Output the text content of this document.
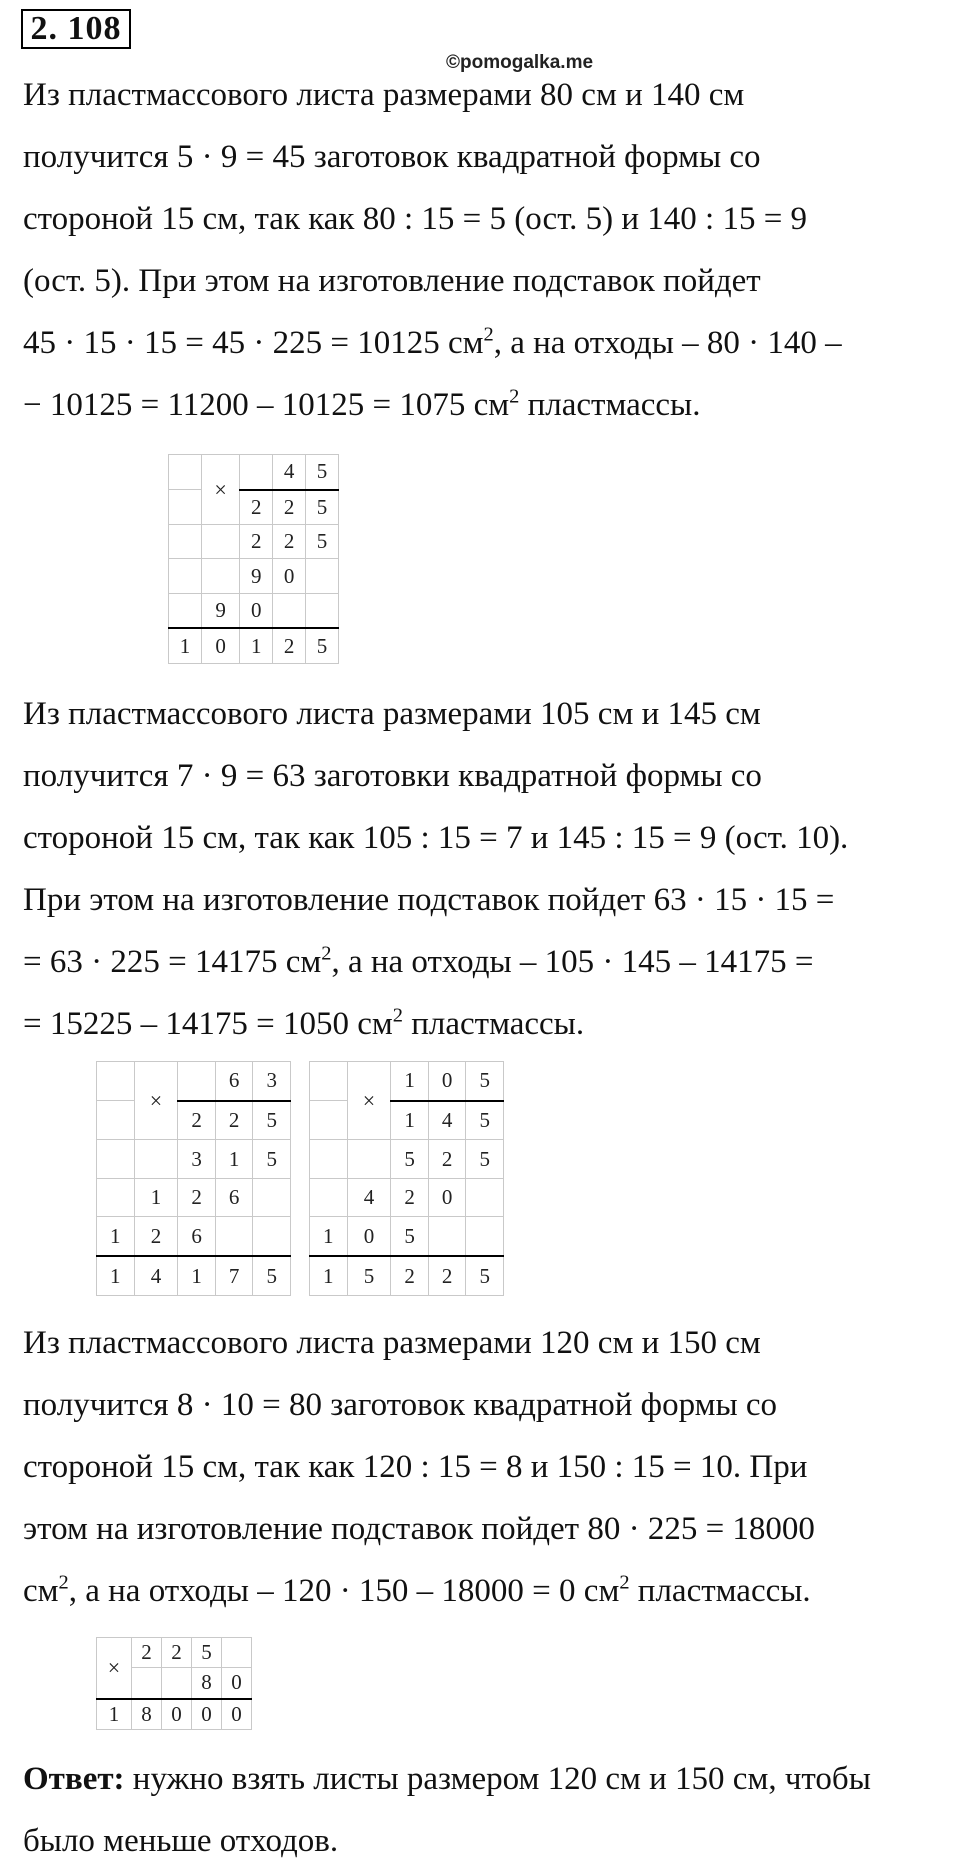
2. 108
©pomogalka.me

Из пластмассового листа размерами 80 см и 140 см
получится 5 · 9 = 45 заготовок квадратной формы со
стороной 15 см, так как 80 : 15 = 5 (ост. 5) и 140 : 15 = 9
(ост. 5). При этом на изготовление подставок пойдет
45 · 15 · 15 = 45 · 225 = 10125 $см^2$, а на отходы – 80 · 140 –
− 10125 = 11200 – 10125 = 1075 $см^2$ пластмассы.

	×		4	5
		2	2	5
		2	2	5
		9	0	
	9	0		
1	0	1	2	5

Из пластмассового листа размерами 105 см и 145 см
получится 7 · 9 = 63 заготовки квадратной формы со
стороной 15 см, так как 105 : 15 = 7 и 145 : 15 = 9 (ост. 10).
При этом на изготовление подставок пойдет 63 · 15 · 15 =
= 63 · 225 = 14175 $см^2$, а на отходы – 105 · 145 – 14175 =
= 15225 – 14175 = 1050 $см^2$ пластмассы.

	×		6	3
		2	2	5
		3	1	5
	1	2	6	
1	2	6		
1	4	1	7	5
	×	1	0	5
		1	4	5
		5	2	5
	4	2	0	
1	0	5		
1	5	2	2	5

Из пластмассового листа размерами 120 см и 150 см
получится 8 · 10 = 80 заготовок квадратной формы со
стороной 15 см, так как 120 : 15 = 8 и 150 : 15 = 10. При
этом на изготовление подставок пойдет 80 · 225 = 18000
$см^2$, а на отходы – 120 · 150 – 18000 = 0 $см^2$ пластмассы.

×	2	2	5	
			8	0
1	8	0	0	0

Ответ: нужно взять листы размером 120 см и 150 см, чтобы
было меньше отходов.
